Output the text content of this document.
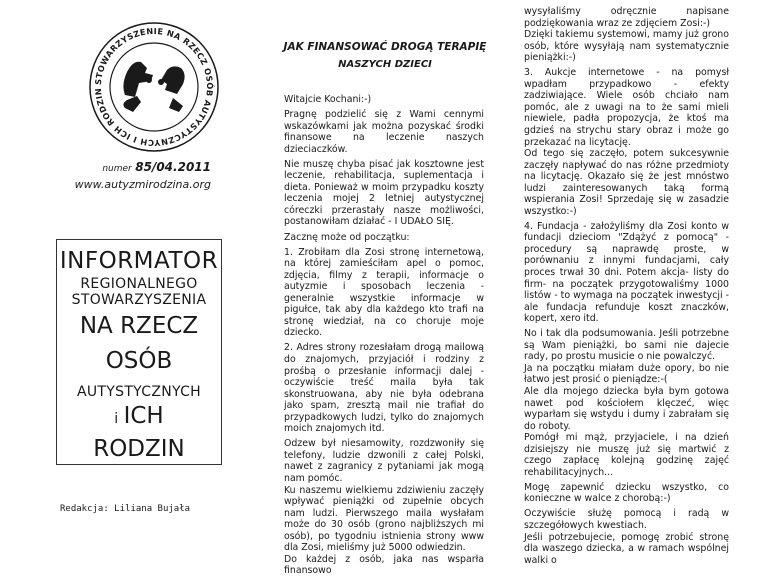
STOWARZYSZENIE NA RZECZ OSÓB AUTYSTYCZNYCH I ICH RODZIN
numer 85/04.2011
www.autyzmirodzina.org
INFORMATOR
REGIONALNEGO
STOWARZYSZENIA
NA RZECZ
OSÓB
AUTYSTYCZNYCH
i ICH
RODZIN
Redakcja: Liliana Bujała
JAK FINANSOWAĆ DROGĄ TERAPIĘ
NASZYCH DZIECI

Witajcie Kochani:-)

Pragnę podzielić się z Wami cennymi wskazówkami jak można pozyskać środki finansowe na leczenie naszych dzieciaczków.

Nie muszę chyba pisać jak kosztowne jest leczenie, rehabilitacja, suplementacja i dieta. Ponieważ w moim przypadku koszty leczenia mojej 2 letniej autystycznej córeczki przerastały nasze możliwości, postanowiłam działać - I UDAŁO SIĘ.

Zacznę może od początku:

1. Zrobiłam dla Zosi stronę internetową, na której zamieściłam apel o pomoc, zdjęcia, filmy z terapii, informacje o autyzmie i sposobach leczenia - generalnie wszystkie informacje w pigułce, tak aby dla każdego kto trafi na stronę wiedział, na co choruje moje dziecko.

2. Adres strony rozesłałam drogą mailową do znajomych, przyjaciół i rodziny z prośbą o przesłanie informacji dalej - oczywiście treść maila była tak skonstruowana, aby nie była odebrana jako spam, zresztą mail nie trafiał do przypadkowych ludzi, tylko do znajomych moich znajomych itd.

Odzew był niesamowity, rozdzwoniły się telefony, ludzie dzwonili z całej Polski, nawet z zagranicy z pytaniami jak mogą nam pomóc.
Ku naszemu wielkiemu zdziwieniu zaczęły wpływać pieniążki od zupełnie obcych nam ludzi. Pierwszego maila wysłałam może do 30 osób (grono najbliższych mi osób), po tygodniu istnienia strony www dla Zosi, mieliśmy już 5000 odwiedzin.
Do każdej z osób, jaka nas wsparła finansowo

wysyłaliśmy odręcznie napisane podziękowania wraz ze zdjęciem Zosi:-)
Dzięki takiemu systemowi, mamy już grono osób, które wysyłają nam systematycznie pieniążki:-)

3. Aukcje internetowe - na pomysł wpadłam przypadkowo - efekty zadziwiające. Wiele osób chciało nam pomóc, ale z uwagi na to że sami mieli niewiele, padła propozycja, że ktoś ma gdzieś na strychu stary obraz i może go przekazać na licytację.
Od tego się zaczęło, potem sukcesywnie zaczęły napływać do nas różne przedmioty na licytację. Okazało się że jest mnóstwo ludzi zainteresowanych taką formą wspierania Zosi! Sprzedaję się w zasadzie wszystko:-)

4. Fundacja - założyliśmy dla Zosi konto w fundacji dzieciom "Zdążyć z pomocą" - procedury są naprawdę proste, w porównaniu z innymi fundacjami, cały proces trwał 30 dni. Potem akcja- listy do firm- na początek przygotowaliśmy 1000 listów - to wymaga na początek inwestycji - ale fundacja refunduje koszt znaczków, kopert, xero itd.

No i tak dla podsumowania. Jeśli potrzebne są Wam pieniążki, bo sami nie dajecie rady, po prostu musicie o nie powalczyć.
Ja na początku miałam duże opory, bo nie łatwo jest prosić o pieniądze:-(
Ale dla mojego dziecka była bym gotowa nawet pod kościołem klęczeć, więc wyparłam się wstydu i dumy i zabrałam się do roboty.
Pomógł mi mąż, przyjaciele, i na dzień dzisiejszy nie muszę już się martwić z czego zapłacę kolejną godzinę zajęć rehabilitacyjnych...

Mogę zapewnić dziecku wszystko, co konieczne w walce z chorobą:-)

Oczywiście służę pomocą i radą w szczegółowych kwestiach.
Jeśli potrzebujecie, pomogę zrobić stronę dla waszego dziecka, a w ramach wspólnej walki o
